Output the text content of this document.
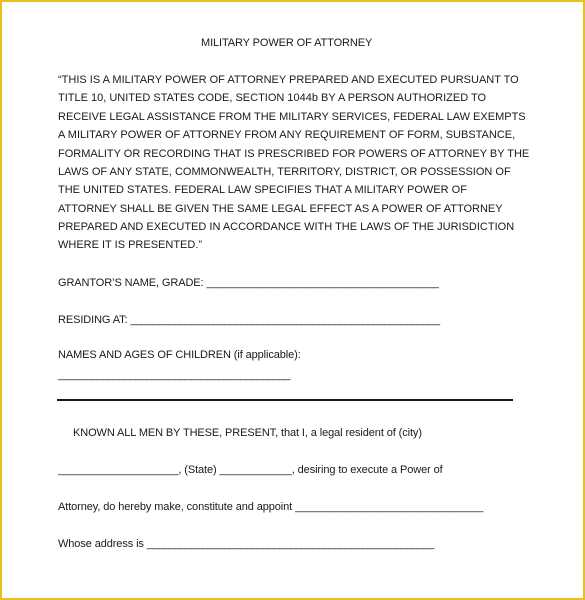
MILITARY POWER OF ATTORNEY
“THIS IS A MILITARY POWER OF ATTORNEY PREPARED AND EXECUTED PURSUANT TO
TITLE 10, UNITED STATES CODE, SECTION 1044b BY A PERSON AUTHORIZED TO
RECEIVE LEGAL ASSISTANCE FROM THE MILITARY SERVICES, FEDERAL LAW EXEMPTS
A MILITARY POWER OF ATTORNEY FROM ANY REQUIREMENT OF FORM, SUBSTANCE,
FORMALITY OR RECORDING THAT IS PRESCRIBED FOR POWERS OF ATTORNEY BY THE
LAWS OF ANY STATE, COMMONWEALTH, TERRITORY, DISTRICT, OR POSSESSION OF
THE UNITED STATES. FEDERAL LAW SPECIFIES THAT A MILITARY POWER OF
ATTORNEY SHALL BE GIVEN THE SAME LEGAL EFFECT AS A POWER OF ATTORNEY
PREPARED AND EXECUTED IN ACCORDANCE WITH THE LAWS OF THE JURISDICTION
WHERE IT IS PRESENTED.”
GRANTOR’S NAME, GRADE: __________________________________________
RESIDING AT: ________________________________________________________
NAMES AND AGES OF CHILDREN (if applicable):
__________________________________________
KNOWN ALL MEN BY THESE, PRESENT, that I, a legal resident of (city)
____________________, (State) ____________, desiring to execute a Power of
Attorney, do hereby make, constitute and appoint __________________________________
Whose address is ____________________________________________________
